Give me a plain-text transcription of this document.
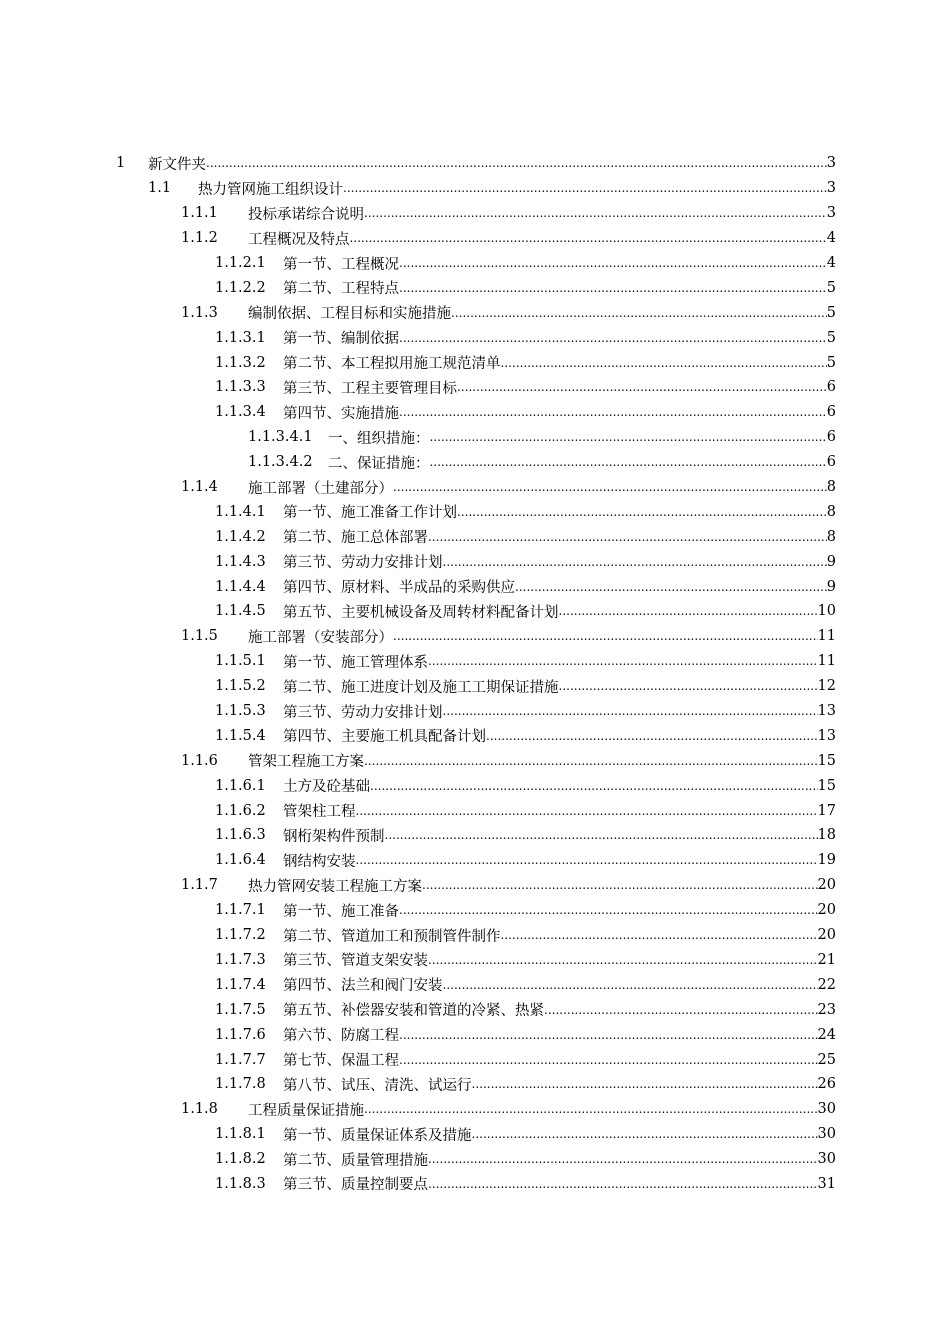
1 新文件夹 .....	3
1.1 热力管网施工组织设计 .....	3
1.1.1 投标承诺综合说明 .....	3
1.1.2 工程概况及特点 .....	4
1.1.2.1 第一节、工程概况 .....	4
1.1.2.2 第二节、工程特点 .....	5
1.1.3 编制依据、工程目标和实施措施 .....	5
1.1.3.1 第一节、编制依据 .....	5
1.1.3.2 第二节、本工程拟用施工规范清单 .....	5
1.1.3.3 第三节、工程主要管理目标 .....	6
1.1.3.4 第四节、实施措施 .....	6
1.1.3.4.1 一、组织措施： .....	6
1.1.3.4.2 二、保证措施： .....	6
1.1.4 施工部署（土建部分） .....	8
1.1.4.1 第一节、施工准备工作计划 .....	8
1.1.4.2 第二节、施工总体部署 .....	8
1.1.4.3 第三节、劳动力安排计划 .....	9
1.1.4.4 第四节、原材料、半成品的采购供应 .....	9
1.1.4.5 第五节、主要机械设备及周转材料配备计划 .....	10
1.1.5 施工部署（安装部分） .....	11
1.1.5.1 第一节、施工管理体系 .....	11
1.1.5.2 第二节、施工进度计划及施工工期保证措施 .....	12
1.1.5.3 第三节、劳动力安排计划 .....	13
1.1.5.4 第四节、主要施工机具配备计划 .....	13
1.1.6 管架工程施工方案 .....	15
1.1.6.1 土方及砼基础 .....	15
1.1.6.2 管架柱工程 .....	17
1.1.6.3 钢桁架构件预制 .....	18
1.1.6.4 钢结构安装 .....	19
1.1.7 热力管网安装工程施工方案 .....	20
1.1.7.1 第一节、施工准备 .....	20
1.1.7.2 第二节、管道加工和预制管件制作 .....	20
1.1.7.3 第三节、管道支架安装 .....	21
1.1.7.4 第四节、法兰和阀门安装 .....	22
1.1.7.5 第五节、补偿器安装和管道的冷紧、热紧 .....	23
1.1.7.6 第六节、防腐工程 .....	24
1.1.7.7 第七节、保温工程 .....	25
1.1.7.8 第八节、试压、清洗、试运行 .....	26
1.1.8 工程质量保证措施 .....	30
1.1.8.1 第一节、质量保证体系及措施 .....	30
1.1.8.2 第二节、质量管理措施 .....	30
1.1.8.3 第三节、质量控制要点 .....	31
